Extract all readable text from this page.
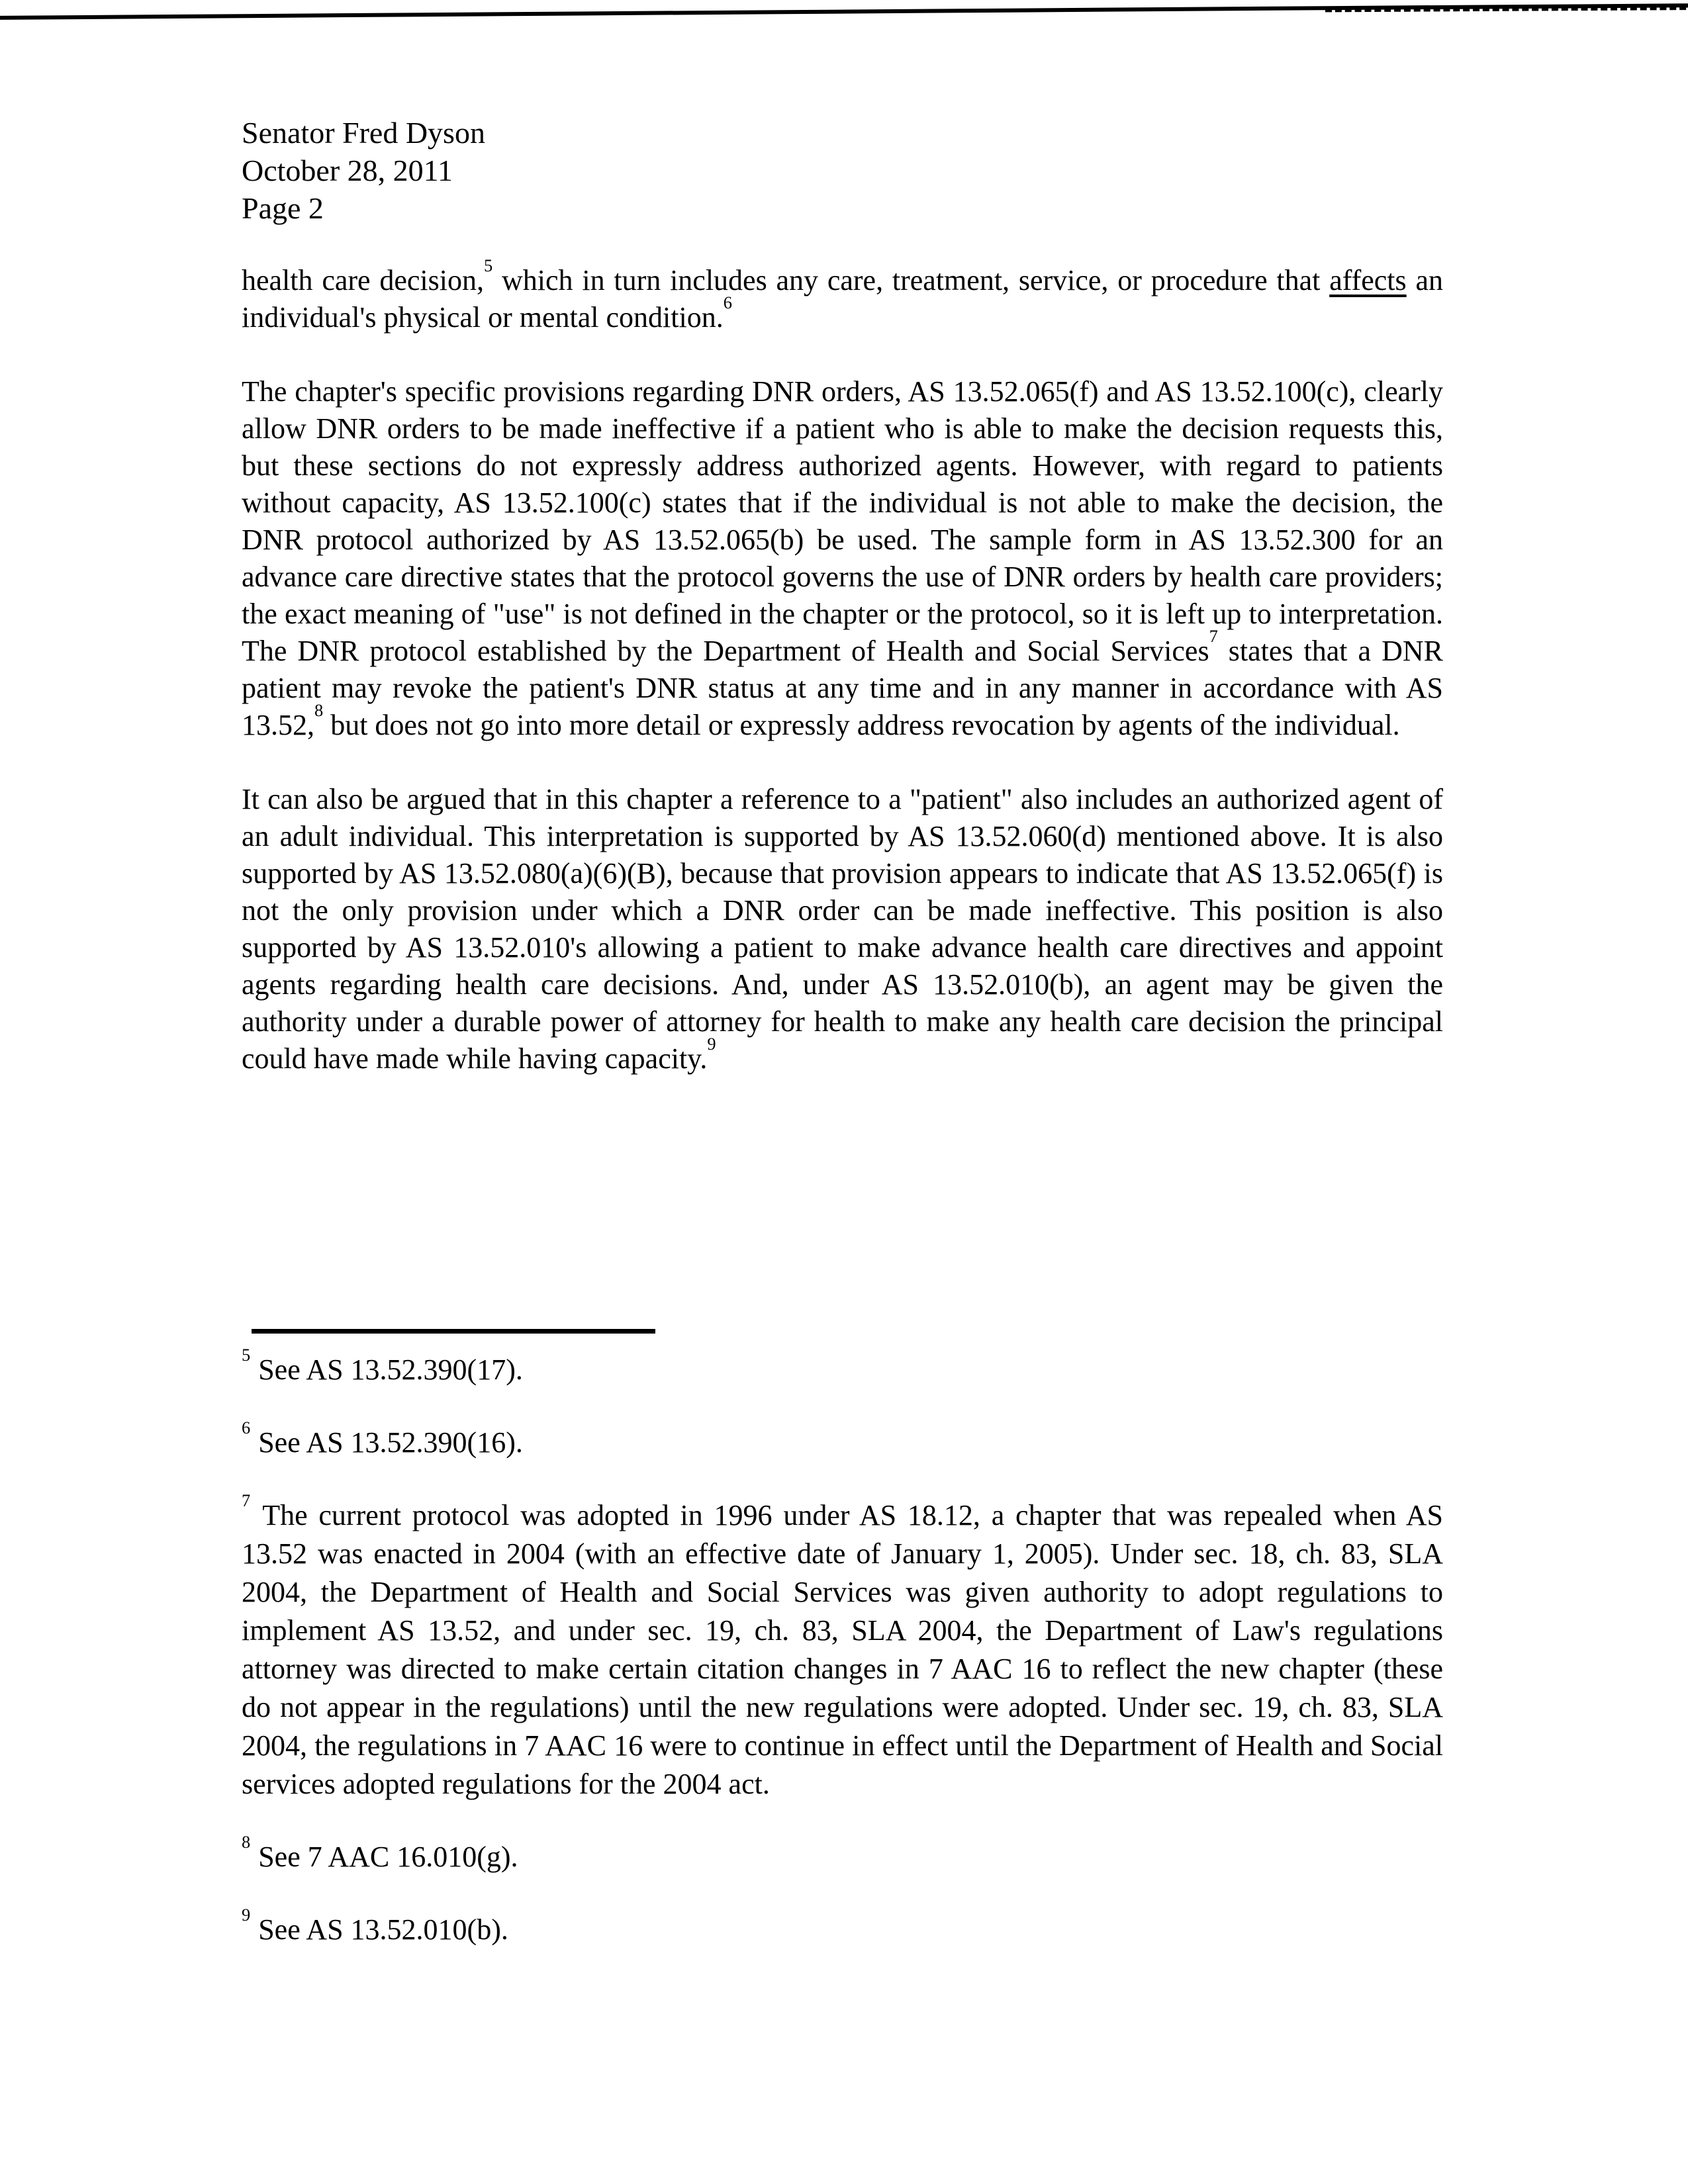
Senator Fred Dyson
October 28, 2011
Page 2

health care decision,$^5$ which in turn includes any care, treatment, service, or procedure that affects an individual's physical or mental condition.$^6$

The chapter's specific provisions regarding DNR orders, AS 13.52.065(f) and AS 13.52.100(c), clearly allow DNR orders to be made ineffective if a patient who is able to make the decision requests this, but these sections do not expressly address authorized agents. However, with regard to patients without capacity, AS 13.52.100(c) states that if the individual is not able to make the decision, the DNR protocol authorized by AS 13.52.065(b) be used. The sample form in AS 13.52.300 for an advance care directive states that the protocol governs the use of DNR orders by health care providers; the exact meaning of "use" is not defined in the chapter or the protocol, so it is left up to interpretation. The DNR protocol established by the Department of Health and Social Services$^7$ states that a DNR patient may revoke the patient's DNR status at any time and in any manner in accordance with AS 13.52,$^8$ but does not go into more detail or expressly address revocation by agents of the individual.

It can also be argued that in this chapter a reference to a "patient" also includes an authorized agent of an adult individual. This interpretation is supported by AS 13.52.060(d) mentioned above. It is also supported by AS 13.52.080(a)(6)(B), because that provision appears to indicate that AS 13.52.065(f) is not the only provision under which a DNR order can be made ineffective. This position is also supported by AS 13.52.010's allowing a patient to make advance health care directives and appoint agents regarding health care decisions. And, under AS 13.52.010(b), an agent may be given the authority under a durable power of attorney for health to make any health care decision the principal could have made while having capacity.$^9$

$^5$ See AS 13.52.390(17).
$^6$ See AS 13.52.390(16).
$^7$ The current protocol was adopted in 1996 under AS 18.12, a chapter that was repealed when AS 13.52 was enacted in 2004 (with an effective date of January 1, 2005). Under sec. 18, ch. 83, SLA 2004, the Department of Health and Social Services was given authority to adopt regulations to implement AS 13.52, and under sec. 19, ch. 83, SLA 2004, the Department of Law's regulations attorney was directed to make certain citation changes in 7 AAC 16 to reflect the new chapter (these do not appear in the regulations) until the new regulations were adopted. Under sec. 19, ch. 83, SLA 2004, the regulations in 7 AAC 16 were to continue in effect until the Department of Health and Social services adopted regulations for the 2004 act.
$^8$ See 7 AAC 16.010(g).
$^9$ See AS 13.52.010(b).
